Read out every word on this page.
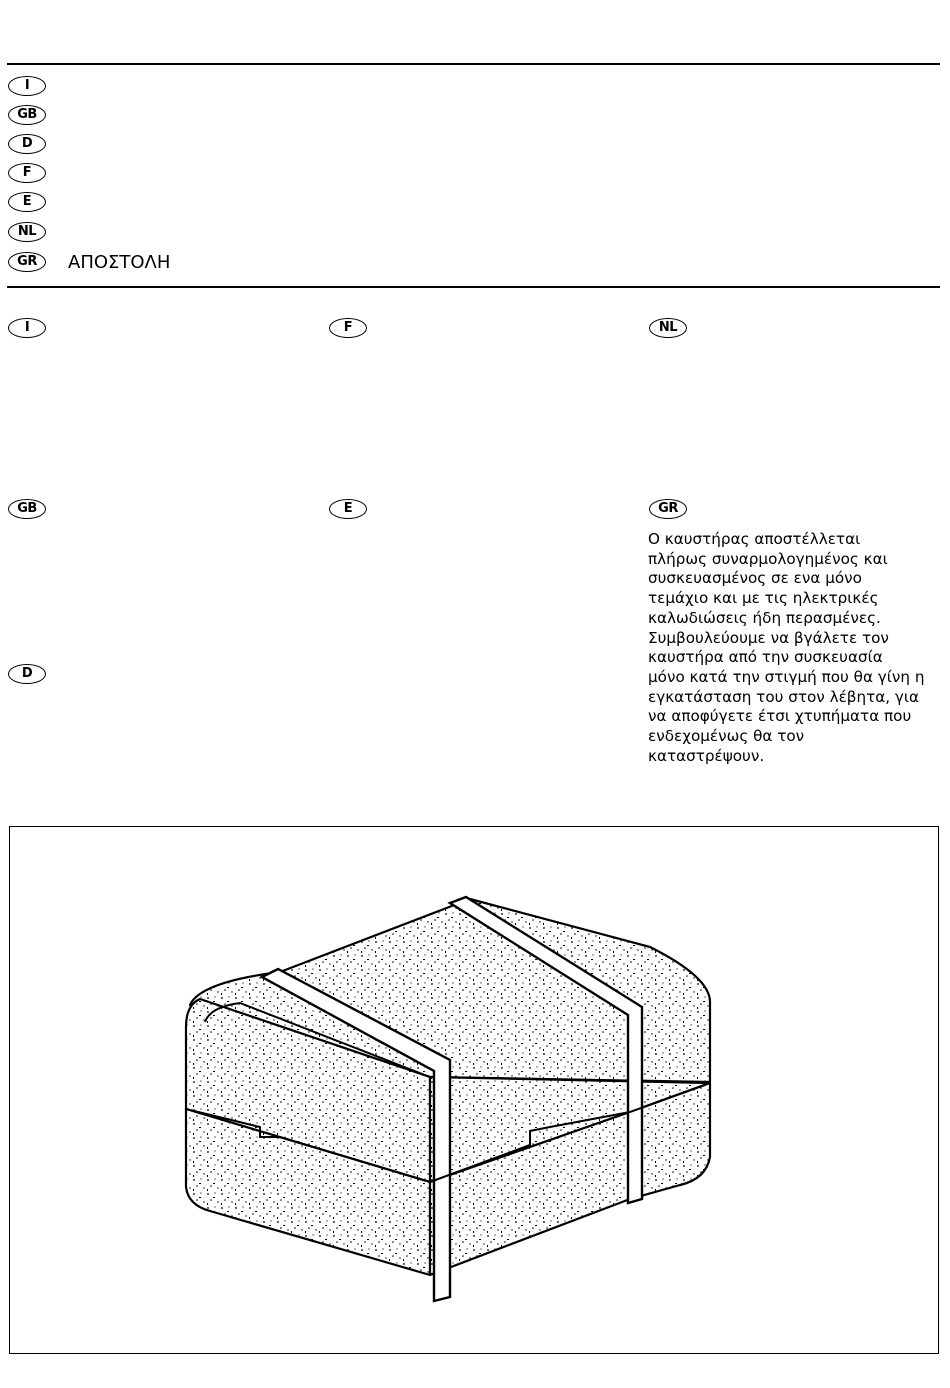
I
GB
D
F
E
NL
GR	ΑΠΟΣΤΟΛΗ
I	F	NL
GB	E	GR
D
Ο καυστήρας αποστέλλεται
πλήρως συναρμολογημένος και
συσκευασμένος σε ενα μόνο
τεμάχιο και με τις ηλεκτρικές
καλωδιώσεις ήδη περασμένες.
Συμβουλεύουμε να βγάλετε τον
καυστήρα από την συσκευασία
μόνο κατά την στιγμή που θα γίνη η
εγκατάσταση του στον λέβητα, για
να αποφύγετε έτσι χτυπήματα που
ενδεχομένως θα τον
καταστρέψουν.
